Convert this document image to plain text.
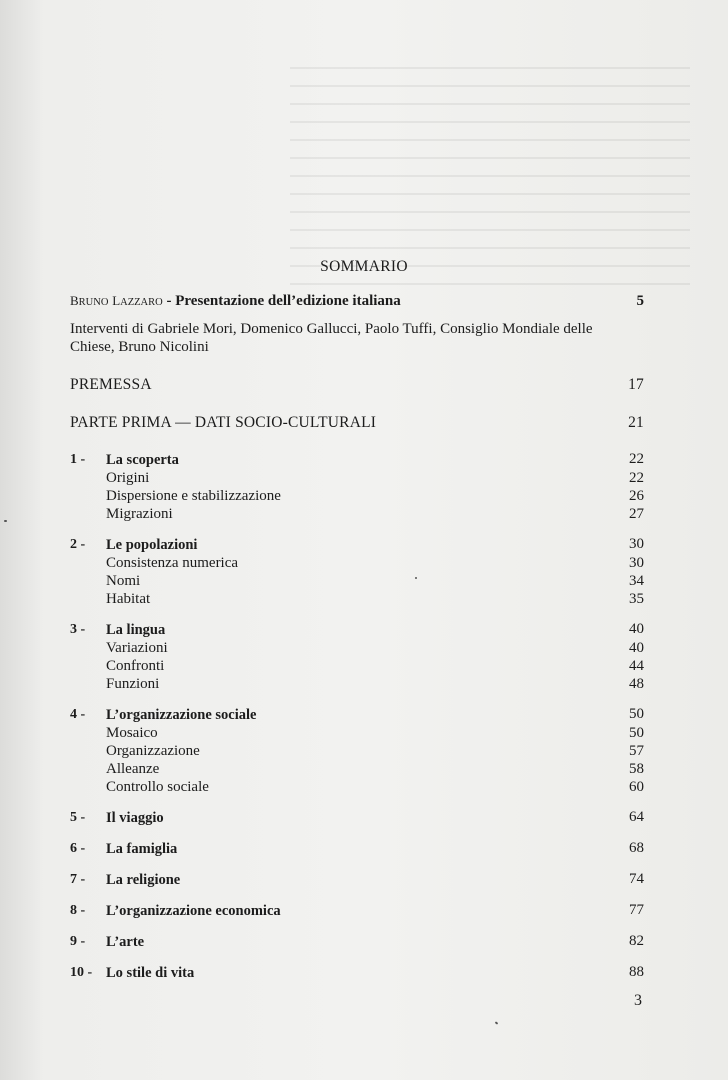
SOMMARIO
BRUNO LAZZARO - Presentazione dell’edizione italiana	5
Interventi di Gabriele Mori, Domenico Gallucci, Paolo Tuffi, Consiglio Mondiale delle Chiese, Bruno Nicolini
PREMESSA	17
PARTE PRIMA — DATI SOCIO-CULTURALI	21
1 -	La scoperta	22
Origini	22
Dispersione e stabilizzazione	26
Migrazioni	27
2 -	Le popolazioni	30
Consistenza numerica	30
Nomi	34
Habitat	35
3 -	La lingua	40
Variazioni	40
Confronti	44
Funzioni	48
4 -	L’organizzazione sociale	50
Mosaico	50
Organizzazione	57
Alleanze	58
Controllo sociale	60
5 -	Il viaggio	64
6 -	La famiglia	68
7 -	La religione	74
8 -	L’organizzazione economica	77
9 -	L’arte	82
10 - Lo stile di vita	88
3
